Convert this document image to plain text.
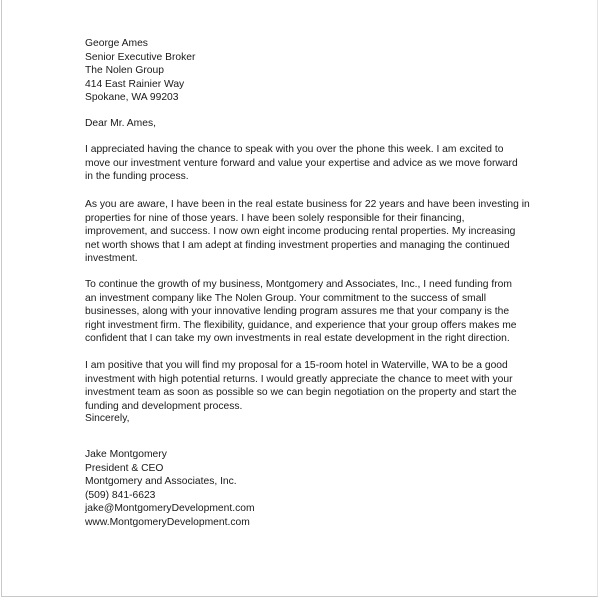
George Ames
Senior Executive Broker
The Nolen Group
414 East Rainier Way
Spokane, WA 99203
Dear Mr. Ames,
I appreciated having the chance to speak with you over the phone this week. I am excited to
move our investment venture forward and value your expertise and advice as we move forward
in the funding process.
As you are aware, I have been in the real estate business for 22 years and have been investing in
properties for nine of those years. I have been solely responsible for their financing,
improvement, and success. I now own eight income producing rental properties. My increasing
net worth shows that I am adept at finding investment properties and managing the continued
investment.
To continue the growth of my business, Montgomery and Associates, Inc., I need funding from
an investment company like The Nolen Group. Your commitment to the success of small
businesses, along with your innovative lending program assures me that your company is the
right investment firm. The flexibility, guidance, and experience that your group offers makes me
confident that I can take my own investments in real estate development in the right direction.
I am positive that you will find my proposal for a 15-room hotel in Waterville, WA to be a good
investment with high potential returns. I would greatly appreciate the chance to meet with your
investment team as soon as possible so we can begin negotiation on the property and start the
funding and development process.
Sincerely,
Jake Montgomery
President & CEO
Montgomery and Associates, Inc.
(509) 841-6623
jake@MontgomeryDevelopment.com
www.MontgomeryDevelopment.com
